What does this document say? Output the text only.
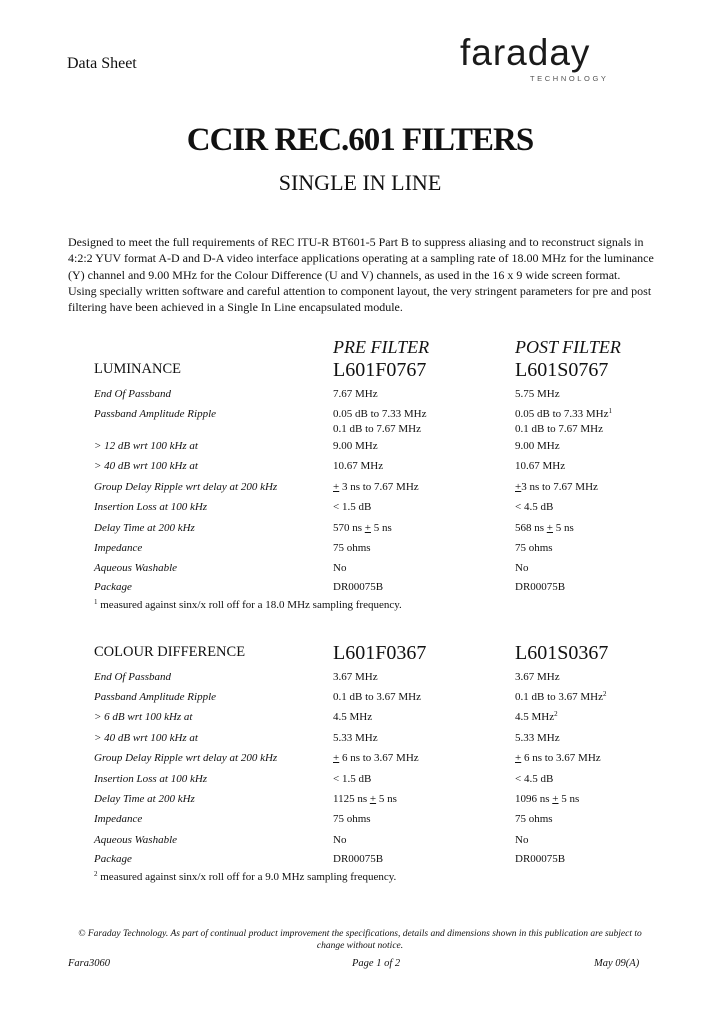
Data Sheet	faraday
TECHNOLOGY
CCIR REC.601 FILTERS
SINGLE IN LINE

Designed to meet the full requirements of REC ITU-R BT601-5 Part B to suppress aliasing and to reconstruct signals in 4:2:2 YUV format A-D and D-A video interface applications operating at a sampling rate of 18.00 MHz for the luminance (Y) channel and 9.00 MHz for the Colour Difference (U and V) channels, as used in the 16 x 9 wide screen format.

Using specially written software and careful attention to component layout, the very stringent parameters for pre and post filtering have been achieved in a Single In Line encapsulated module.

PRE FILTER	POST FILTER
LUMINANCE	L601F0767	L601S0767
End Of Passband	7.67 MHz	5.75 MHz
Passband Amplitude Ripple	0.05 dB to 7.33 MHz	0.05 dB to 7.33 MHz$^1$
0.1 dB to 7.67 MHz	0.1 dB to 7.67 MHz
> 12 dB wrt 100 kHz at	9.00 MHz	9.00 MHz
> 40 dB wrt 100 kHz at	10.67 MHz	10.67 MHz
Group Delay Ripple wrt delay at 200 kHz	+ 3 ns to 7.67 MHz	+3 ns to 7.67 MHz
Insertion Loss at 100 kHz	< 1.5 dB	< 4.5 dB
Delay Time at 200 kHz	570 ns + 5 ns	568 ns + 5 ns
Impedance	75 ohms	75 ohms
Aqueous Washable	No	No
Package	DR00075B	DR00075B
$^1$ measured against sinx/x roll off for a 18.0 MHz sampling frequency.
COLOUR DIFFERENCE	L601F0367	L601S0367
End Of Passband	3.67 MHz	3.67 MHz
Passband Amplitude Ripple	0.1 dB to 3.67 MHz	0.1 dB to 3.67 MHz$^2$
> 6 dB wrt 100 kHz at	4.5 MHz	4.5 MHz$^2$
> 40 dB wrt 100 kHz at	5.33 MHz	5.33 MHz
Group Delay Ripple wrt delay at 200 kHz	+ 6 ns to 3.67 MHz	+ 6 ns to 3.67 MHz
Insertion Loss at 100 kHz	< 1.5 dB	< 4.5 dB
Delay Time at 200 kHz	1125 ns + 5 ns	1096 ns + 5 ns
Impedance	75 ohms	75 ohms
Aqueous Washable	No	No
Package	DR00075B	DR00075B
$^2$ measured against sinx/x roll off for a 9.0 MHz sampling frequency.
© Faraday Technology. As part of continual product improvement the specifications, details and dimensions shown in this publication are subject to change without notice.
Fara3060	Page 1 of 2	May 09(A)
